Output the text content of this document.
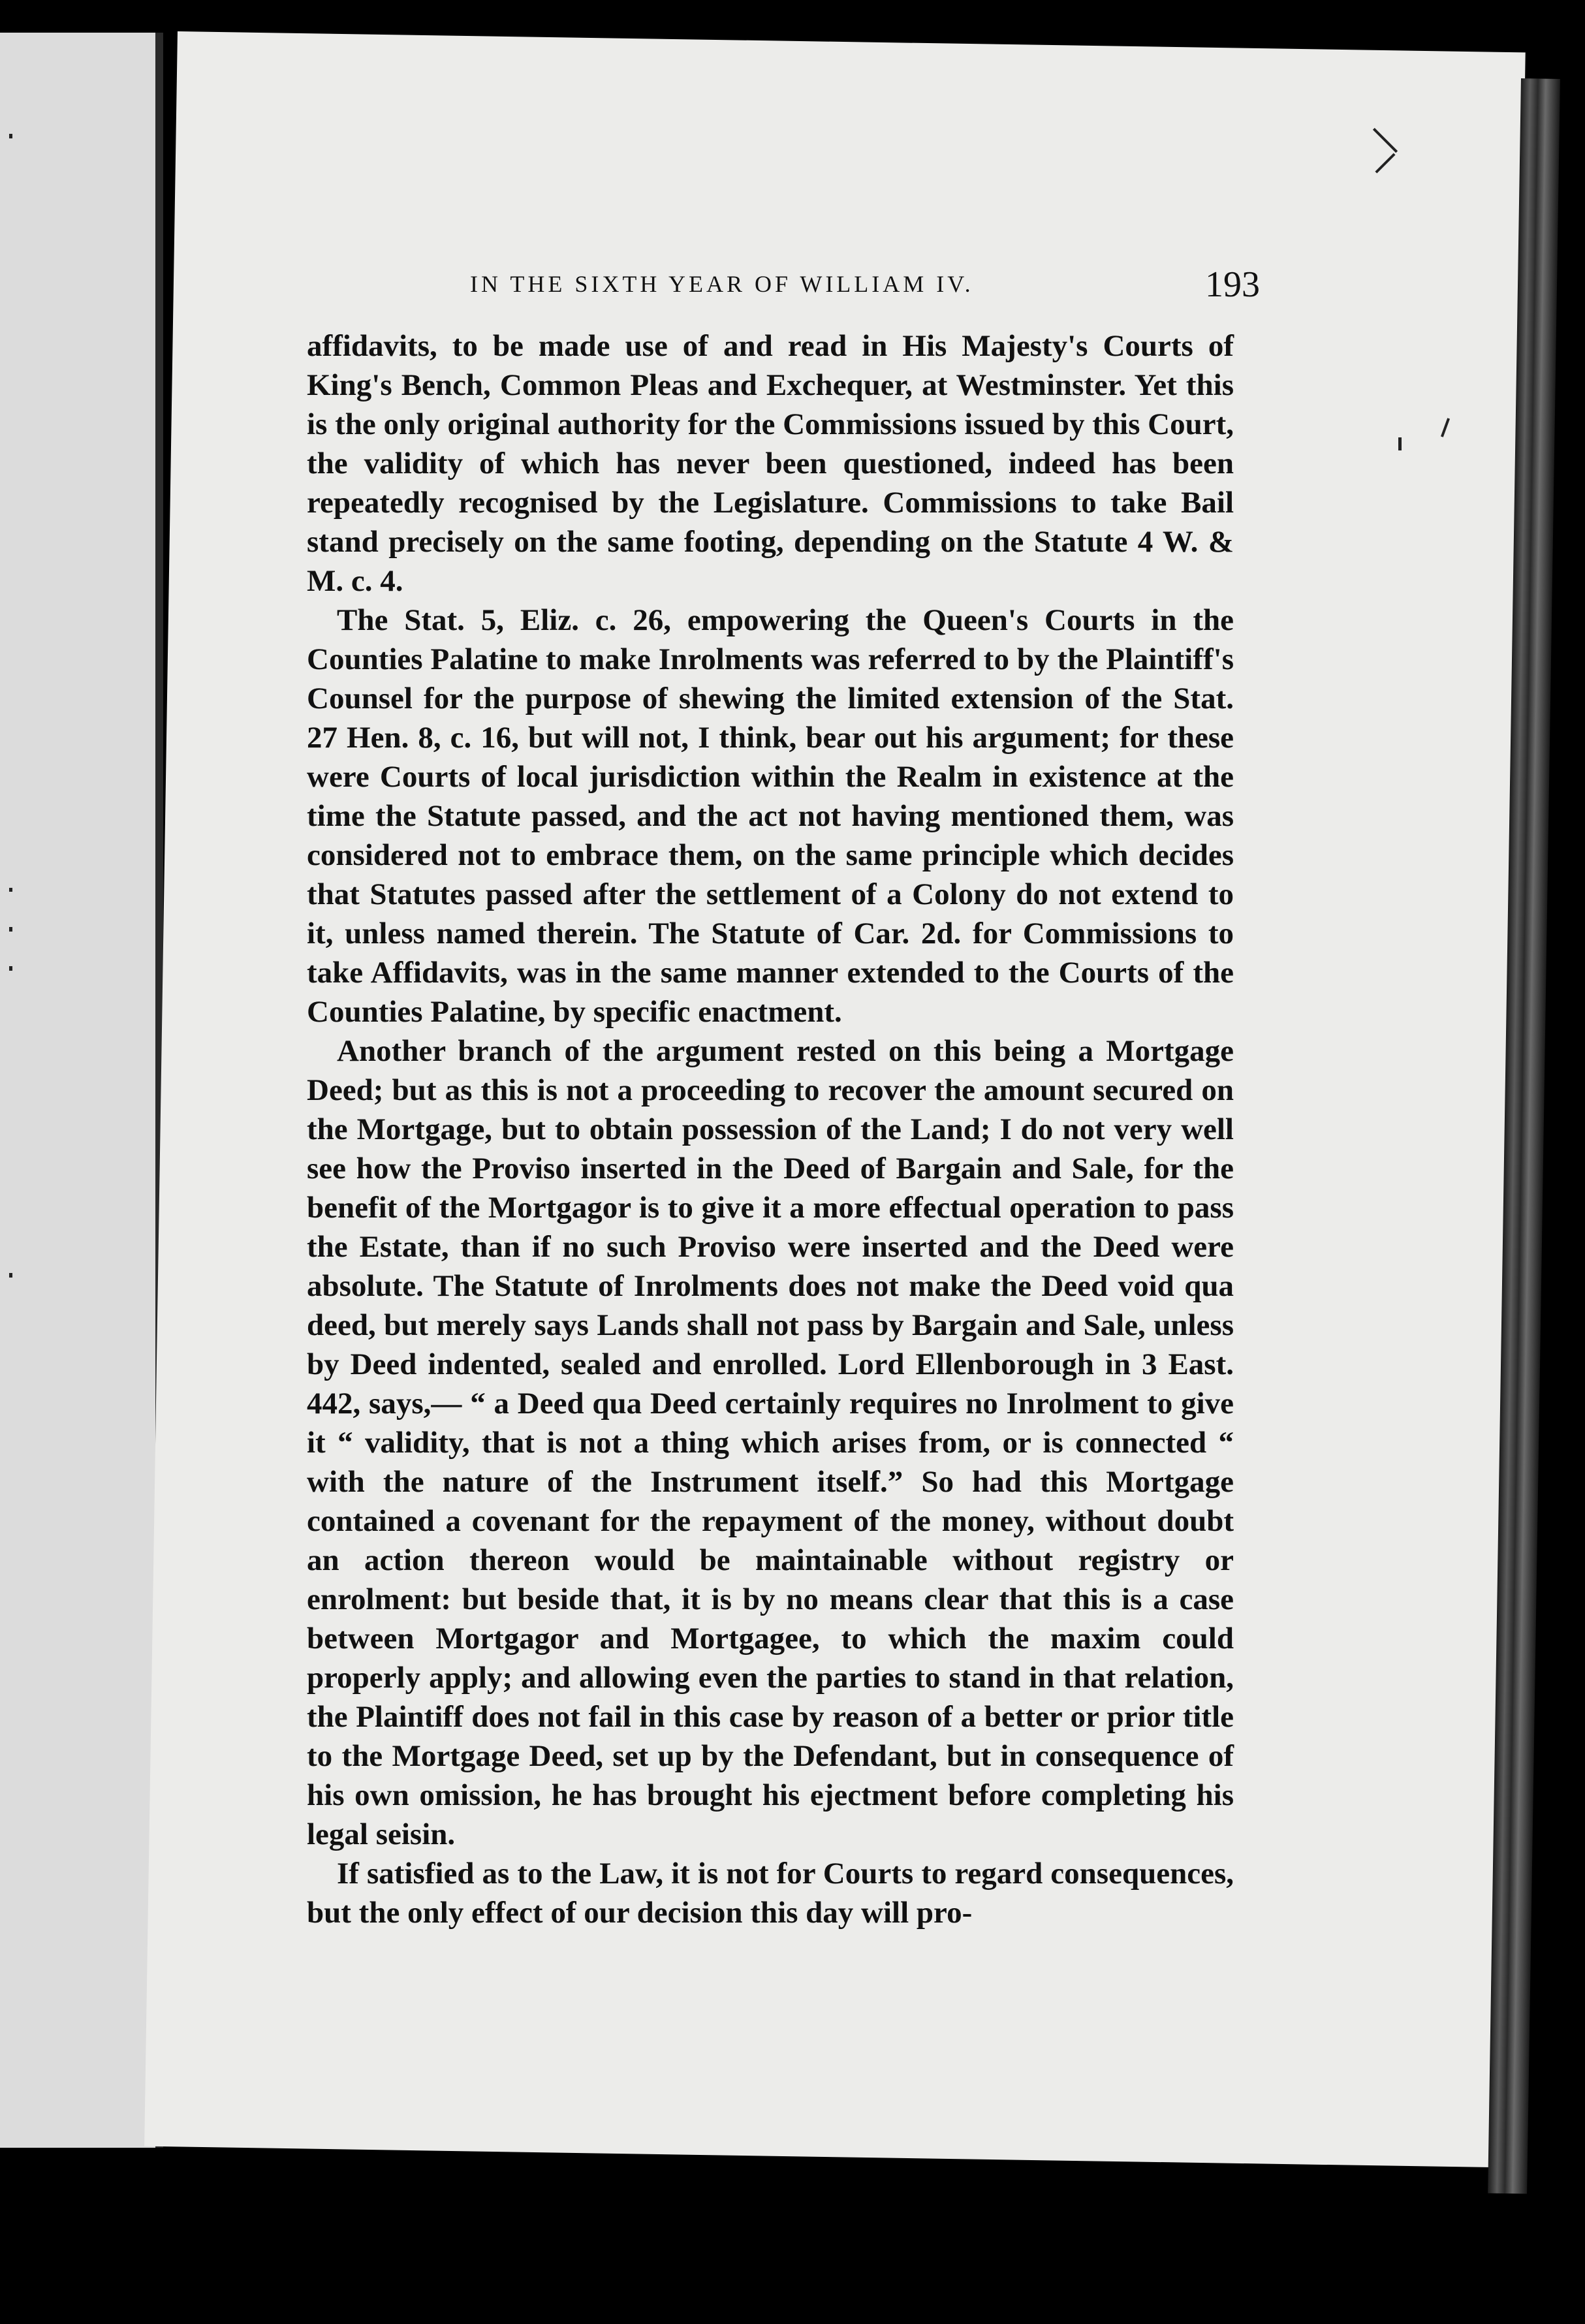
IN THE SIXTH YEAR OF WILLIAM IV.	193

affidavits, to be made use of and read in His Majesty's Courts of King's Bench, Common Pleas and Exchequer, at Westminster. Yet this is the only original authority for the Commissions issued by this Court, the validity of which has never been questioned, indeed has been repeatedly recognised by the Legislature. Commissions to take Bail stand precisely on the same footing, depending on the Statute 4 W. & M. c. 4.

The Stat. 5, Eliz. c. 26, empowering the Queen's Courts in the Counties Palatine to make Inrolments was referred to by the Plaintiff's Counsel for the purpose of shewing the limited extension of the Stat. 27 Hen. 8, c. 16, but will not, I think, bear out his argument; for these were Courts of local jurisdiction within the Realm in existence at the time the Statute passed, and the act not having mentioned them, was considered not to embrace them, on the same principle which decides that Statutes passed after the settlement of a Colony do not extend to it, unless named therein. The Statute of Car. 2d. for Commissions to take Affidavits, was in the same manner extended to the Courts of the Counties Palatine, by specific enactment.

Another branch of the argument rested on this being a Mortgage Deed; but as this is not a proceeding to recover the amount secured on the Mortgage, but to obtain possession of the Land; I do not very well see how the Proviso inserted in the Deed of Bargain and Sale, for the benefit of the Mortgagor is to give it a more effectual operation to pass the Estate, than if no such Proviso were inserted and the Deed were absolute. The Statute of Inrolments does not make the Deed void qua deed, but merely says Lands shall not pass by Bargain and Sale, unless by Deed indented, sealed and enrolled. Lord Ellenborough in 3 East. 442, says,— “ a Deed qua Deed certainly requires no Inrolment to give it “ validity, that is not a thing which arises from, or is connected “ with the nature of the Instrument itself.” So had this Mortgage contained a covenant for the repayment of the money, without doubt an action thereon would be maintainable without registry or enrolment: but beside that, it is by no means clear that this is a case between Mortgagor and Mortgagee, to which the maxim could properly apply; and allowing even the parties to stand in that relation, the Plaintiff does not fail in this case by reason of a better or prior title to the Mortgage Deed, set up by the Defendant, but in consequence of his own omission, he has brought his ejectment before completing his legal seisin.

If satisfied as to the Law, it is not for Courts to regard consequences, but the only effect of our decision this day will pro-
